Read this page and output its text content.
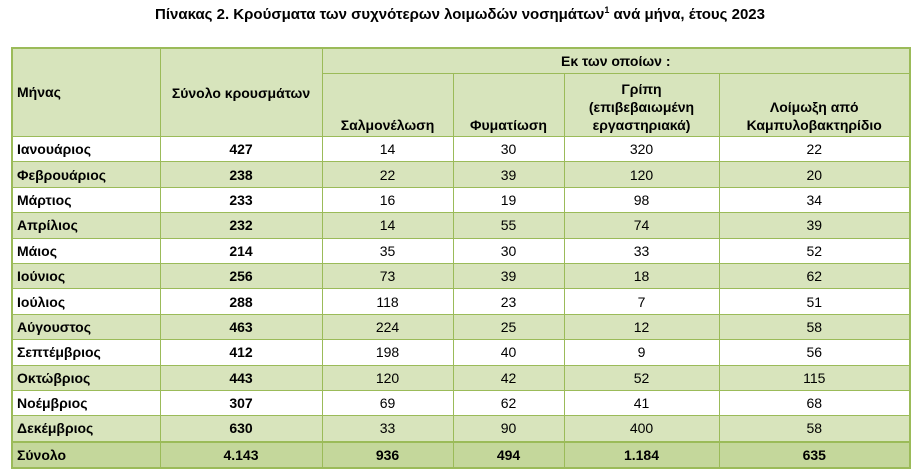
Πίνακας 2. Κρούσματα των συχνότερων λοιμωδών νοσημάτων$^1$ ανά μήνα, έτους 2023
Μήνας	Σύνολο κρουσμάτων	Εκ των οποίων :			
		Σαλμονέλωση	Φυματίωση	Γρίπη (επιβεβαιωμένη εργαστηριακά)	Λοίμωξη από Καμπυλοβακτηρίδιο
Ιανουάριος	427	14	30	320	22
Φεβρουάριος	238	22	39	120	20
Μάρτιος	233	16	19	98	34
Απρίλιος	232	14	55	74	39
Μάιος	214	35	30	33	52
Ιούνιος	256	73	39	18	62
Ιούλιος	288	118	23	7	51
Αύγουστος	463	224	25	12	58
Σεπτέμβριος	412	198	40	9	56
Οκτώβριος	443	120	42	52	115
Νοέμβριος	307	69	62	41	68
Δεκέμβριος	630	33	90	400	58
Σύνολο	4.143	936	494	1.184	635
